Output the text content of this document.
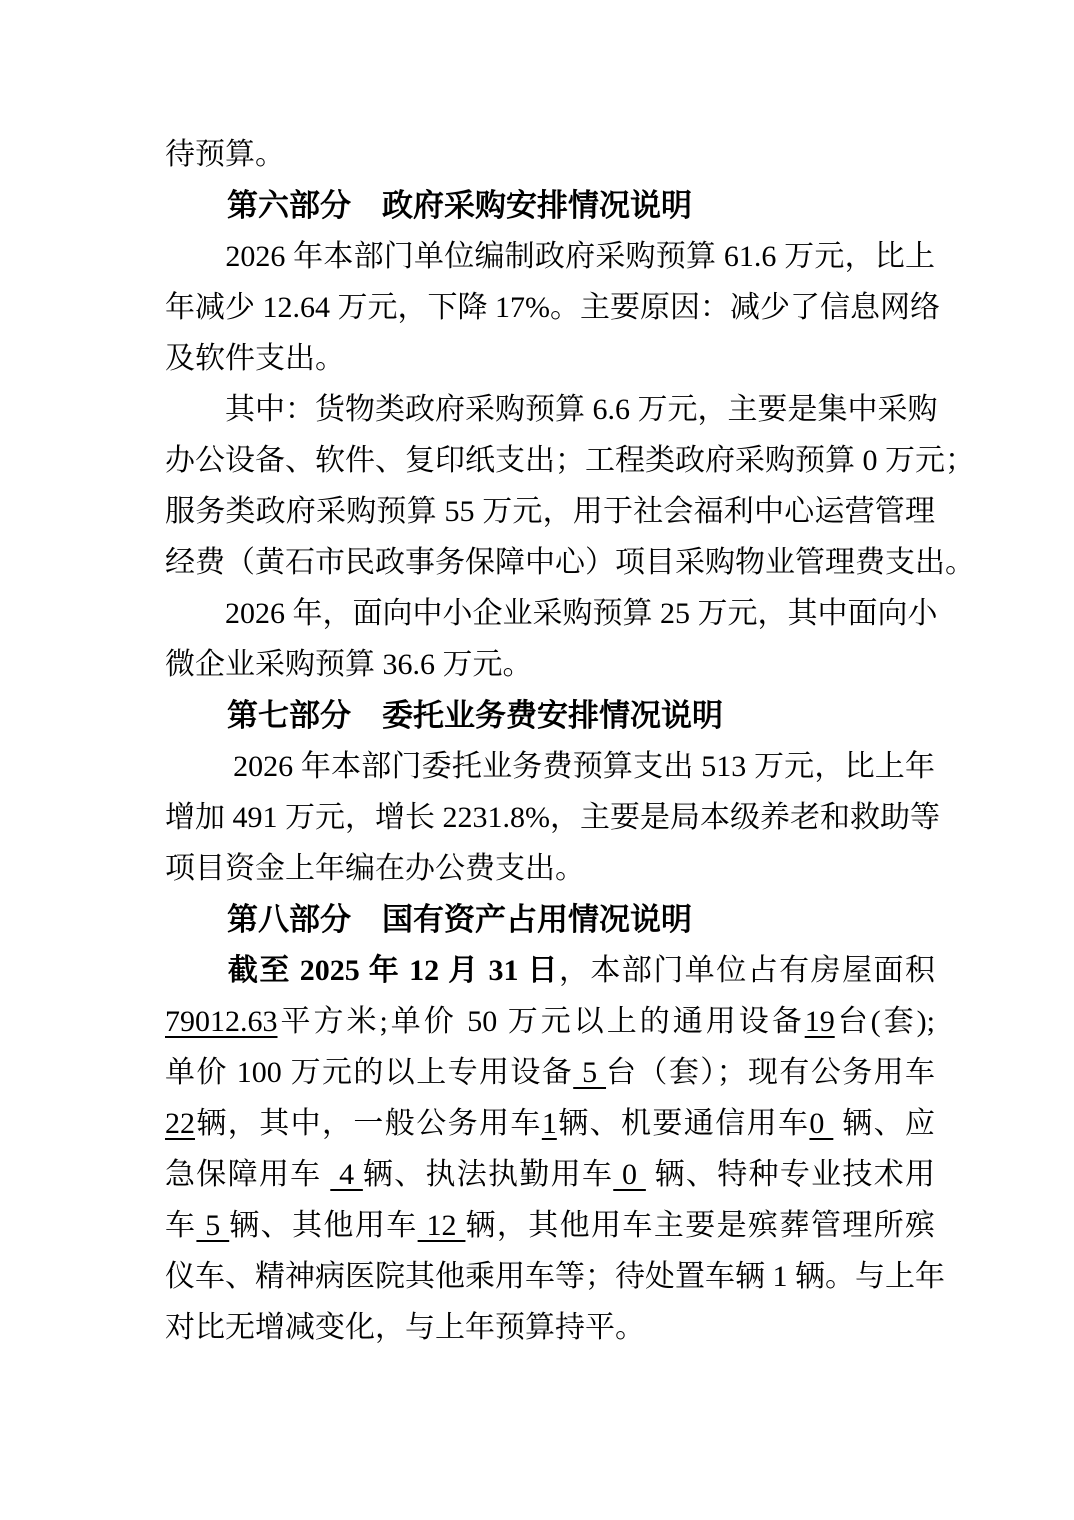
待预算。
　　第六部分　政府采购安排情况说明
　　2026 年本部门单位编制政府采购预算 61.6 万元，比上
年减少 12.64 万元，下降 17%。主要原因：减少了信息网络
及软件支出。
　　其中：货物类政府采购预算 6.6 万元，主要是集中采购
办公设备、软件、复印纸支出；工程类政府采购预算 0 万元；
服务类政府采购预算 55 万元，用于社会福利中心运营管理
经费（黄石市民政事务保障中心）项目采购物业管理费支出。
　　2026 年，面向中小企业采购预算 25 万元，其中面向小
微企业采购预算 36.6 万元。
　　第七部分　委托业务费安排情况说明
　　 2026 年本部门委托业务费预算支出 513 万元，比上年
增加 491 万元，增长 2231.8%，主要是局本级养老和救助等
项目资金上年编在办公费支出。
　　第八部分　国有资产占用情况说明
　　截至 2025 年 12 月 31 日，本部门单位占有房屋面积
79012.63平方米;单价 50 万元以上的通用设备19台(套);
单价 100 万元的以上专用设备 5 台（套）；现有公务用车
22辆，其中，一般公务用车1辆、机要通信用车0  辆、应
急保障用车  4 辆、执法执勤用车 0  辆、特种专业技术用
车 5 辆、其他用车 12 辆，其他用车主要是殡葬管理所殡
仪车、精神病医院其他乘用车等；待处置车辆 1 辆。与上年
对比无增减变化，与上年预算持平。
